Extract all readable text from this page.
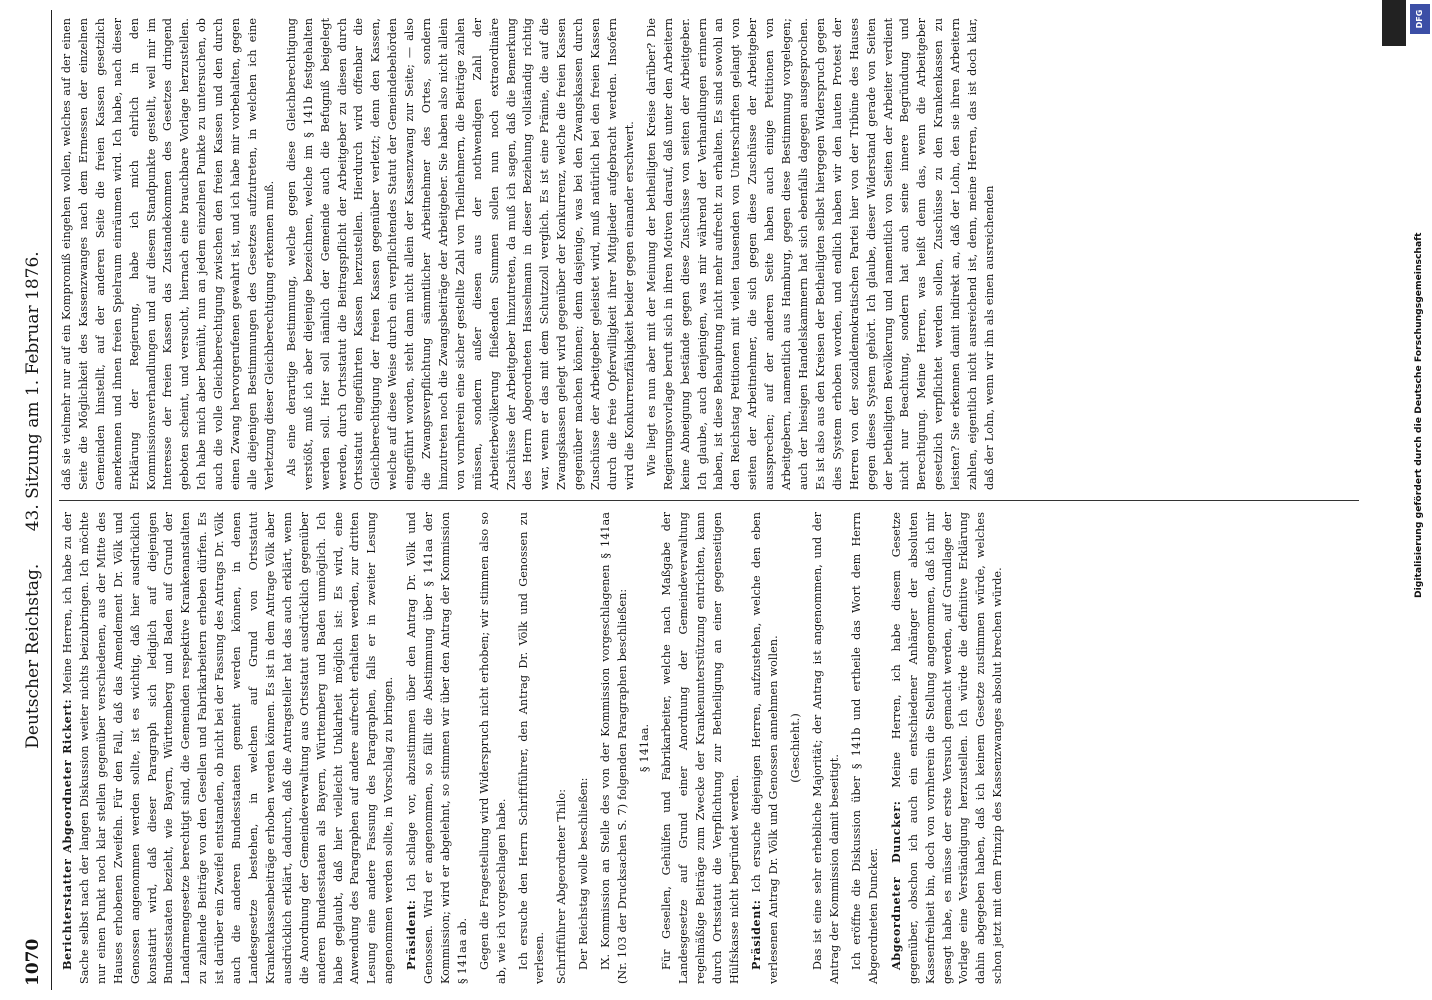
1070
Deutscher Reichstag.      43. Sitzung am 1. Februar 1876.

Berichterstatter Abgeordneter Rickert: Meine Herren, ich habe zu der Sache selbst nach der langen Diskussion weiter nichts beizubringen. Ich möchte nur einen Punkt noch klar stellen gegenüber verschiedenen, aus der Mitte des Hauses erhobenen Zweifeln. Für den Fall, daß das Amendement Dr. Völk und Genossen angenommen werden sollte, ist es wichtig, daß hier ausdrücklich konstatirt wird, daß dieser Paragraph sich lediglich auf diejenigen Bundesstaaten bezieht, wie Bayern, Württemberg und Baden auf Grund der Landarmengesetze berechtigt sind, die Gemeinden respektive Krankenanstalten zu zahlende Beiträge von den Gesellen und Fabrikarbeitern erheben dürfen. Es ist darüber ein Zweifel entstanden, ob nicht bei der Fassung des Antrags Dr. Völk auch die anderen Bundesstaaten gemeint werden können, in denen Landesgesetze bestehen, in welchen auf Grund von Ortsstatut Krankenkassenbeiträge erhoben werden können. Es ist in dem Antrage Völk aber ausdrücklich erklärt, dadurch, daß die Antragsteller hat das auch erklärt, wenn die Anordnung der Gemeindeverwaltung aus Ortsstatut ausdrücklich gegenüber anderen Bundesstaaten als Bayern, Württemberg und Baden unmöglich. Ich habe geglaubt, daß hier vielleicht Unklarheit möglich ist: Es wird, eine Anwendung des Paragraphen auf andere aufrecht erhalten werden, zur dritten Lesung eine andere Fassung des Paragraphen, falls er in zweiter Lesung angenommen werden sollte, in Vorschlag zu bringen. Präsident: Ich schlage vor, abzustimmen über den Antrag Dr. Völk und Genossen. Wird er angenommen, so fällt die Abstimmung über § 141aa der Kommission; wird er abgelehnt, so stimmen wir über den Antrag der Kommission § 141aa ab. Gegen die Fragestellung wird Widerspruch nicht erhoben; wir stimmen also so ab, wie ich vorgeschlagen habe. Ich ersuche den Herrn Schriftführer, den Antrag Dr. Völk und Genossen zu verlesen. Schriftführer Abgeordneter Thilo: Der Reichstag wolle beschließen: IX. Kommission an Stelle des von der Kommission vorgeschlagenen § 141aa (Nr. 103 der Drucksachen S. 7) folgenden Paragraphen beschließen: § 141aa. Für Gesellen, Gehülfen und Fabrikarbeiter, welche nach Maßgabe der Landesgesetze auf Grund einer Anordnung der Gemeindeverwaltung regelmäßige Beiträge zum Zwecke der Krankenunterstützung entrichten, kann durch Ortsstatut die Verpflichtung zur Betheiligung an einer gegenseitigen Hülfskasse nicht begründet werden. Präsident: Ich ersuche diejenigen Herren, aufzustehen, welche den eben verlesenen Antrag Dr. Völk und Genossen annehmen wollen. (Geschieht.) Das ist eine sehr erhebliche Majorität; der Antrag ist angenommen, und der Antrag der Kommission damit beseitigt. Ich eröffne die Diskussion über § 141b und ertheile das Wort dem Herrn Abgeordneten Duncker. Abgeordneter Duncker: Meine Herren, ich habe diesem Gesetze gegenüber, obschon ich auch ein entschiedener Anhänger der absoluten Kassenfreiheit bin, doch von vornherein die Stellung angenommen, daß ich mir gesagt habe, es müsse der erste Versuch gemacht werden, auf Grundlage der Vorlage eine Verständigung herzustellen. Ich würde die definitive Erklärung dahin abgegeben haben, daß ich keinem Gesetze zustimmen würde, welches schon jetzt mit dem Prinzip des Kassenzwanges absolut brechen würde.

daß sie vielmehr nur auf ein Kompromiß eingehen wollen, welches auf der einen Seite die Möglichkeit des Kassenzwanges nach dem Ermessen der einzelnen Gemeinden hinstellt, auf der anderen Seite die freien Kassen gesetzlich anerkennen und ihnen freien Spielraum einräumen wird. Ich habe, nach dieser Erklärung der Regierung, habe ich mich ehrlich in den Kommissionsverhandlungen und auf diesem Standpunkte gestellt, weil mir im Interesse der freien Kassen das Zustandekommen des Gesetzes dringend geboten scheint, und versucht, hiernach eine brauchbare Vorlage herzustellen. Ich habe mich aber bemüht, nun an jedem einzelnen Punkte zu untersuchen, ob auch die volle Gleichberechtigung zwischen den freien Kassen und den durch einen Zwang hervorgerufenen gewahrt ist, und ich habe mir vorbehalten, gegen alle diejenigen Bestimmungen des Gesetzes aufzutreten, in welchen ich eine Verletzung dieser Gleichberechtigung erkennen muß. Als eine derartige Bestimmung, welche gegen diese Gleichberechtigung verstößt, muß ich aber diejenige bezeichnen, welche im § 141b festgehalten werden soll. Hier soll nämlich der Gemeinde auch die Befugniß beigelegt werden, durch Ortsstatut die Beitragspflicht der Arbeitgeber zu diesen durch Ortsstatut eingeführten Kassen herzustellen. Hierdurch wird offenbar die Gleichberechtigung der freien Kassen gegenüber verletzt; denn den Kassen, welche auf diese Weise durch ein verpflichtendes Statut der Gemeindebehörden eingeführt worden, steht dann nicht allein der Kassenzwang zur Seite; — also die Zwangsverpflichtung sämmtlicher Arbeitnehmer des Ortes, sondern hinzutreten noch die Zwangsbeiträge der Arbeitgeber. Sie haben also nicht allein von vornherein eine sicher gestellte Zahl von Theilnehmern, die Beiträge zahlen müssen, sondern außer diesen aus der nothwendigen Zahl der Arbeiterbevölkerung fließenden Summen sollen nun noch extraordinäre Zuschüsse der Arbeitgeber hinzutreten, da muß ich sagen, daß die Bemerkung des Herrn Abgeordneten Hasselmann in dieser Beziehung vollständig richtig war, wenn er das mit dem Schutzzoll verglich. Es ist eine Prämie, die auf die Zwangskassen gelegt wird gegenüber der Konkurrenz, welche die freien Kassen gegenüber machen können; denn dasjenige, was bei den Zwangskassen durch Zuschüsse der Arbeitgeber geleistet wird, muß natürlich bei den freien Kassen durch die freie Opferwilligkeit ihrer Mitglieder aufgebracht werden. Insofern wird die Konkurrenzfähigkeit beider gegen einander erschwert. Wie liegt es nun aber mit der Meinung der betheiligten Kreise darüber? Die Regierungsvorlage beruft sich in ihren Motiven darauf, daß unter den Arbeitern keine Abneigung bestände gegen diese Zuschüsse von seiten der Arbeitgeber. Ich glaube, auch denjenigen, was mir während der Verhandlungen erinnern haben, ist diese Behauptung nicht mehr aufrecht zu erhalten. Es sind sowohl an den Reichstag Petitionen mit vielen tausenden von Unterschriften gelangt von seiten der Arbeitnehmer, die sich gegen diese Zuschüsse der Arbeitgeber aussprechen; auf der anderen Seite haben auch einige Petitionen von Arbeitgebern, namentlich aus Hamburg, gegen diese Bestimmung vorgelegen; auch der hiesigen Handelskammern hat sich ebenfalls dagegen ausgesprochen. Es ist also aus den Kreisen der Betheiligten selbst hiergegen Widerspruch gegen dies System erhoben worden, und endlich haben wir den lauten Protest der Herren von der sozialdemokratischen Partei hier von der Tribüne des Hauses gegen dieses System gehört. Ich glaube, dieser Widerstand gerade von Seiten der betheiligten Bevölkerung und namentlich von Seiten der Arbeiter verdient nicht nur Beachtung, sondern hat auch seine innere Begründung und Berechtigung. Meine Herren, was heißt denn das, wenn die Arbeitgeber gesetzlich verpflichtet werden sollen, Zuschüsse zu den Krankenkassen zu leisten? Sie erkennen damit indirekt an, daß der Lohn, den sie ihren Arbeitern zahlen, eigentlich nicht ausreichend ist, denn, meine Herren, das ist doch klar, daß der Lohn, wenn wir ihn als einen ausreichenden	Digitalisierung gefördert durch die Deutsche Forschungsgemeinschaft
DFG
